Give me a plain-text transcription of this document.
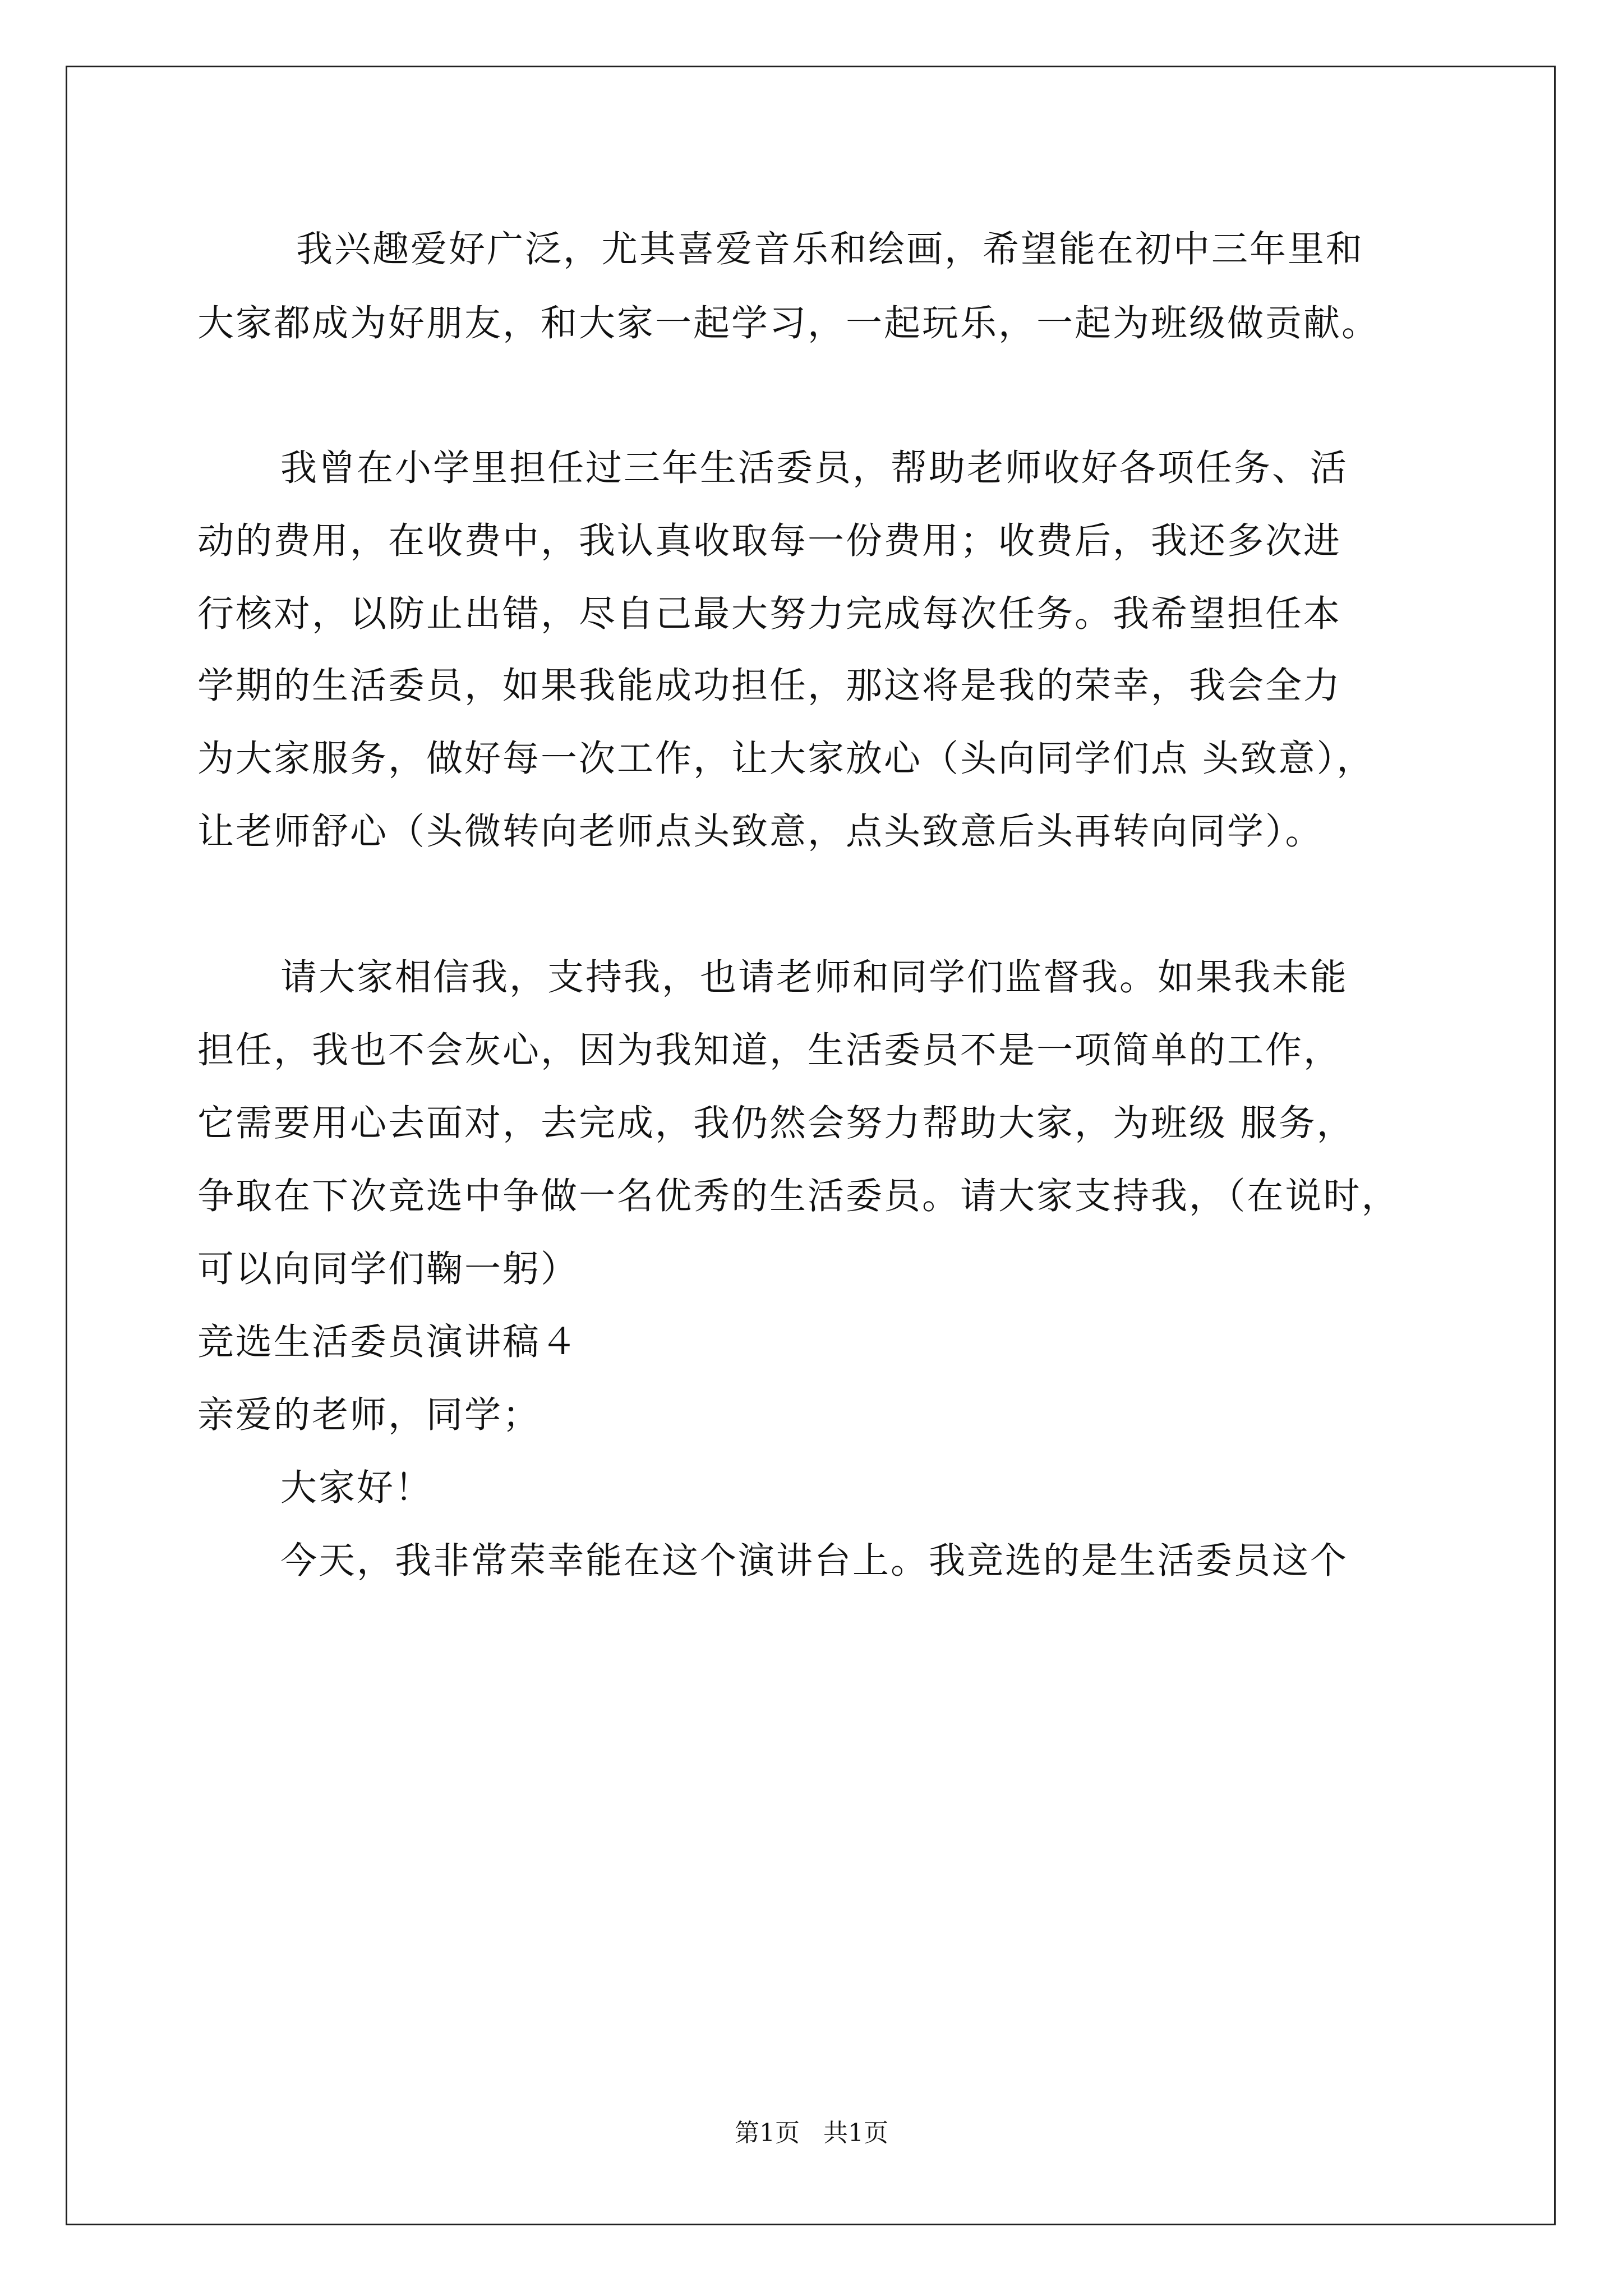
我兴趣爱好广泛，尤其喜爱音乐和绘画，希望能在初中三年里和
大家都成为好朋友，和大家一起学习，一起玩乐，一起为班级做贡献。
我曾在小学里担任过三年生活委员，帮助老师收好各项任务、活
动的费用，在收费中，我认真收取每一份费用；收费后，我还多次进
行核对，以防止出错，尽自己最大努力完成每次任务。我希望担任本
学期的生活委员，如果我能成功担任，那这将是我的荣幸，我会全力
为大家服务，做好每一次工作，让大家放心（头向同学们点 头致意），
让老师舒心（头微转向老师点头致意，点头致意后头再转向同学）。
请大家相信我，支持我，也请老师和同学们监督我。如果我未能
担任，我也不会灰心，因为我知道，生活委员不是一项简单的工作，
它需要用心去面对，去完成，我仍然会努力帮助大家，为班级 服务，
争取在下次竞选中争做一名优秀的生活委员。请大家支持我，（在说时，
可以向同学们鞠一躬）
竞选生活委员演讲稿４
亲爱的老师，同学；
大家好！
今天，我非常荣幸能在这个演讲台上。我竞选的是生活委员这个
第1页 共1页
